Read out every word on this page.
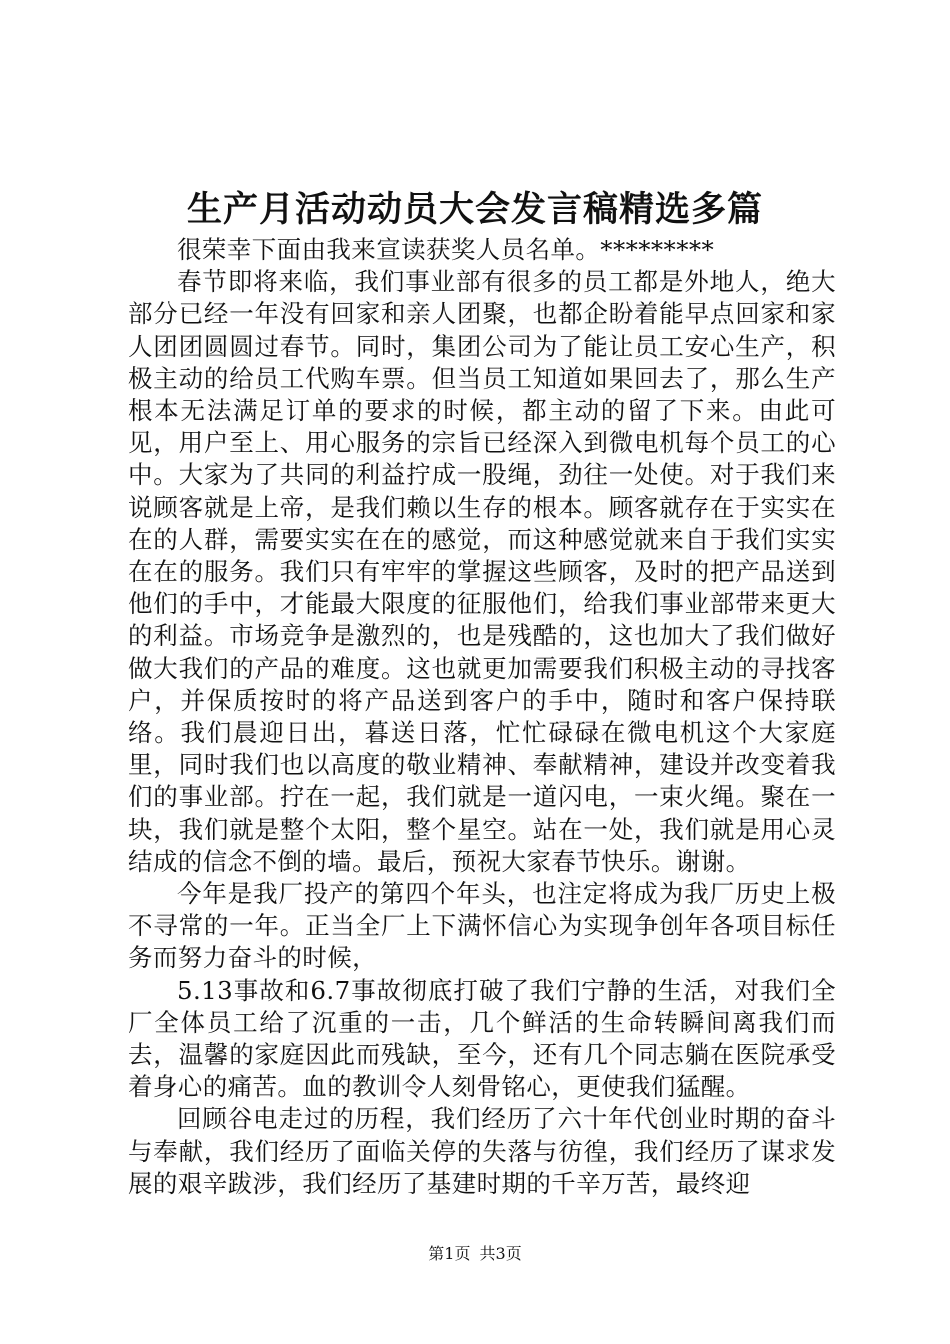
生产月活动动员大会发言稿精选多篇

很荣幸下面由我来宣读获奖人员名单。*********

春节即将来临，我们事业部有很多的员工都是外地人，绝大部分已经一年没有回家和亲人团聚，也都企盼着能早点回家和家人团团圆圆过春节。同时，集团公司为了能让员工安心生产，积极主动的给员工代购车票。但当员工知道如果回去了，那么生产根本无法满足订单的要求的时候，都主动的留了下来。由此可见，用户至上、用心服务的宗旨已经深入到微电机每个员工的心中。大家为了共同的利益拧成一股绳，劲往一处使。对于我们来说顾客就是上帝，是我们赖以生存的根本。顾客就存在于实实在在的人群，需要实实在在的感觉，而这种感觉就来自于我们实实在在的服务。我们只有牢牢的掌握这些顾客，及时的把产品送到他们的手中，才能最大限度的征服他们，给我们事业部带来更大的利益。市场竞争是激烈的，也是残酷的，这也加大了我们做好做大我们的产品的难度。这也就更加需要我们积极主动的寻找客户，并保质按时的将产品送到客户的手中，随时和客户保持联络。我们晨迎日出，暮送日落，忙忙碌碌在微电机这个大家庭里，同时我们也以高度的敬业精神、奉献精神，建设并改变着我们的事业部。拧在一起，我们就是一道闪电，一束火绳。聚在一块，我们就是整个太阳，整个星空。站在一处，我们就是用心灵结成的信念不倒的墙。最后，预祝大家春节快乐。谢谢。

今年是我厂投产的第四个年头，也注定将成为我厂历史上极不寻常的一年。正当全厂上下满怀信心为实现争创年各项目标任务而努力奋斗的时候，

5.13事故和6.7事故彻底打破了我们宁静的生活，对我们全厂全体员工给了沉重的一击，几个鲜活的生命转瞬间离我们而去，温馨的家庭因此而残缺，至今，还有几个同志躺在医院承受着身心的痛苦。血的教训令人刻骨铭心，更使我们猛醒。

回顾谷电走过的历程，我们经历了六十年代创业时期的奋斗与奉献，我们经历了面临关停的失落与彷徨，我们经历了谋求发展的艰辛跋涉，我们经历了基建时期的千辛万苦，最终迎

第1页 共3页
